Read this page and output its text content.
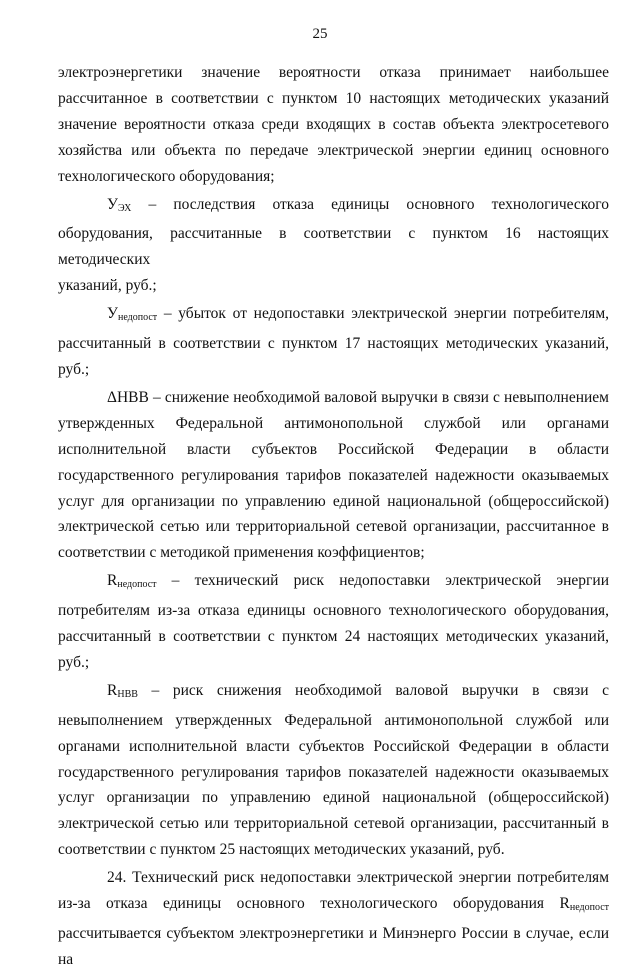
25

электроэнергетики значение вероятности отказа принимает наибольшее

рассчитанное в соответствии с пунктом 10 настоящих методических указаний

значение вероятности отказа среди входящих в состав объекта электросетевого

хозяйства или объекта по передаче электрической энергии единиц основного

технологического оборудования;

$У_{ЭХ}$ – последствия отказа единицы основного технологического

оборудования, рассчитанные в соответствии с пунктом 16 настоящих методических

указаний, руб.;

$У_{недопост}$ – убыток от недопоставки электрической энергии потребителям,

рассчитанный в соответствии с пунктом 17 настоящих методических указаний, руб.;

ΔНВВ – снижение необходимой валовой выручки в связи с невыполнением

утвержденных Федеральной антимонопольной службой или органами

исполнительной власти субъектов Российской Федерации в области

государственного регулирования тарифов показателей надежности оказываемых

услуг для организации по управлению единой национальной (общероссийской)

электрической сетью или территориальной сетевой организации, рассчитанное в

соответствии с методикой применения коэффициентов;

$R_{недопост}$ – технический риск недопоставки электрической энергии

потребителям из-за отказа единицы основного технологического оборудования,

рассчитанный в соответствии с пунктом 24 настоящих методических указаний, руб.;

$R_{НВВ}$ – риск снижения необходимой валовой выручки в связи с

невыполнением утвержденных Федеральной антимонопольной службой или

органами исполнительной власти субъектов Российской Федерации в области

государственного регулирования тарифов показателей надежности оказываемых

услуг организации по управлению единой национальной (общероссийской)

электрической сетью или территориальной сетевой организации, рассчитанный в

соответствии с пунктом 25 настоящих методических указаний, руб.

24. Технический риск недопоставки электрической энергии потребителям

из-за отказа единицы основного технологического оборудования $R_{недопост}$

рассчитывается субъектом электроэнергетики и Минэнерго России в случае, если на
